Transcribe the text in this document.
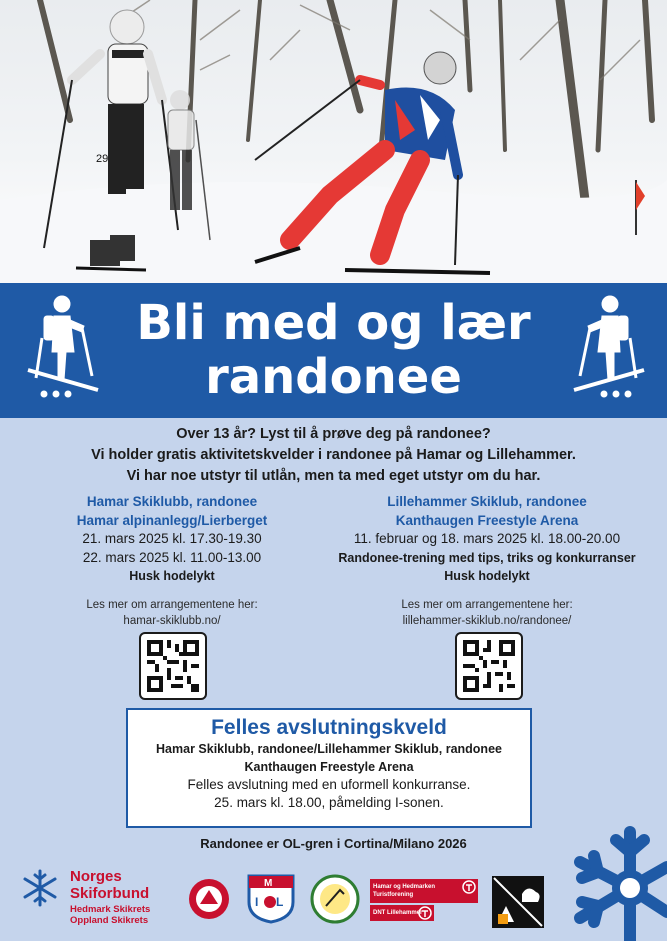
29
Bli med og lær
randonee
Over 13 år? Lyst til å prøve deg på randonee?
Vi holder gratis aktivitetskvelder i randonee på Hamar og Lillehammer.
Vi har noe utstyr til utlån, men ta med eget utstyr om du har.
Hamar Skiklubb, randonee
Hamar alpinanlegg/Lierberget
21. mars 2025 kl. 17.30-19.30
22. mars 2025 kl. 11.00-13.00
Husk hodelykt
Les mer om arrangementene her:
hamar-skiklubb.no/
Lillehammer Skiklub, randonee
Kanthaugen Freestyle Arena
11. februar og 18. mars 2025 kl. 18.00-20.00
Randonee-trening med tips, triks og konkurranser
Husk hodelykt
Les mer om arrangementene her:
lillehammer-skiklub.no/randonee/
Felles avslutningskveld
Hamar Skiklubb, randonee/Lillehammer Skiklub, randonee
Kanthaugen Freestyle Arena
Felles avslutning med en uformell konkurranse.
25. mars kl. 18.00, påmelding I-sonen.
Randonee er OL-gren i Cortina/Milano 2026
Norges
Skiforbund
Hedmark Skikrets
Oppland Skikrets
M
I L
Hamar og Hedmarken Turistforening
DNT Lillehammer
